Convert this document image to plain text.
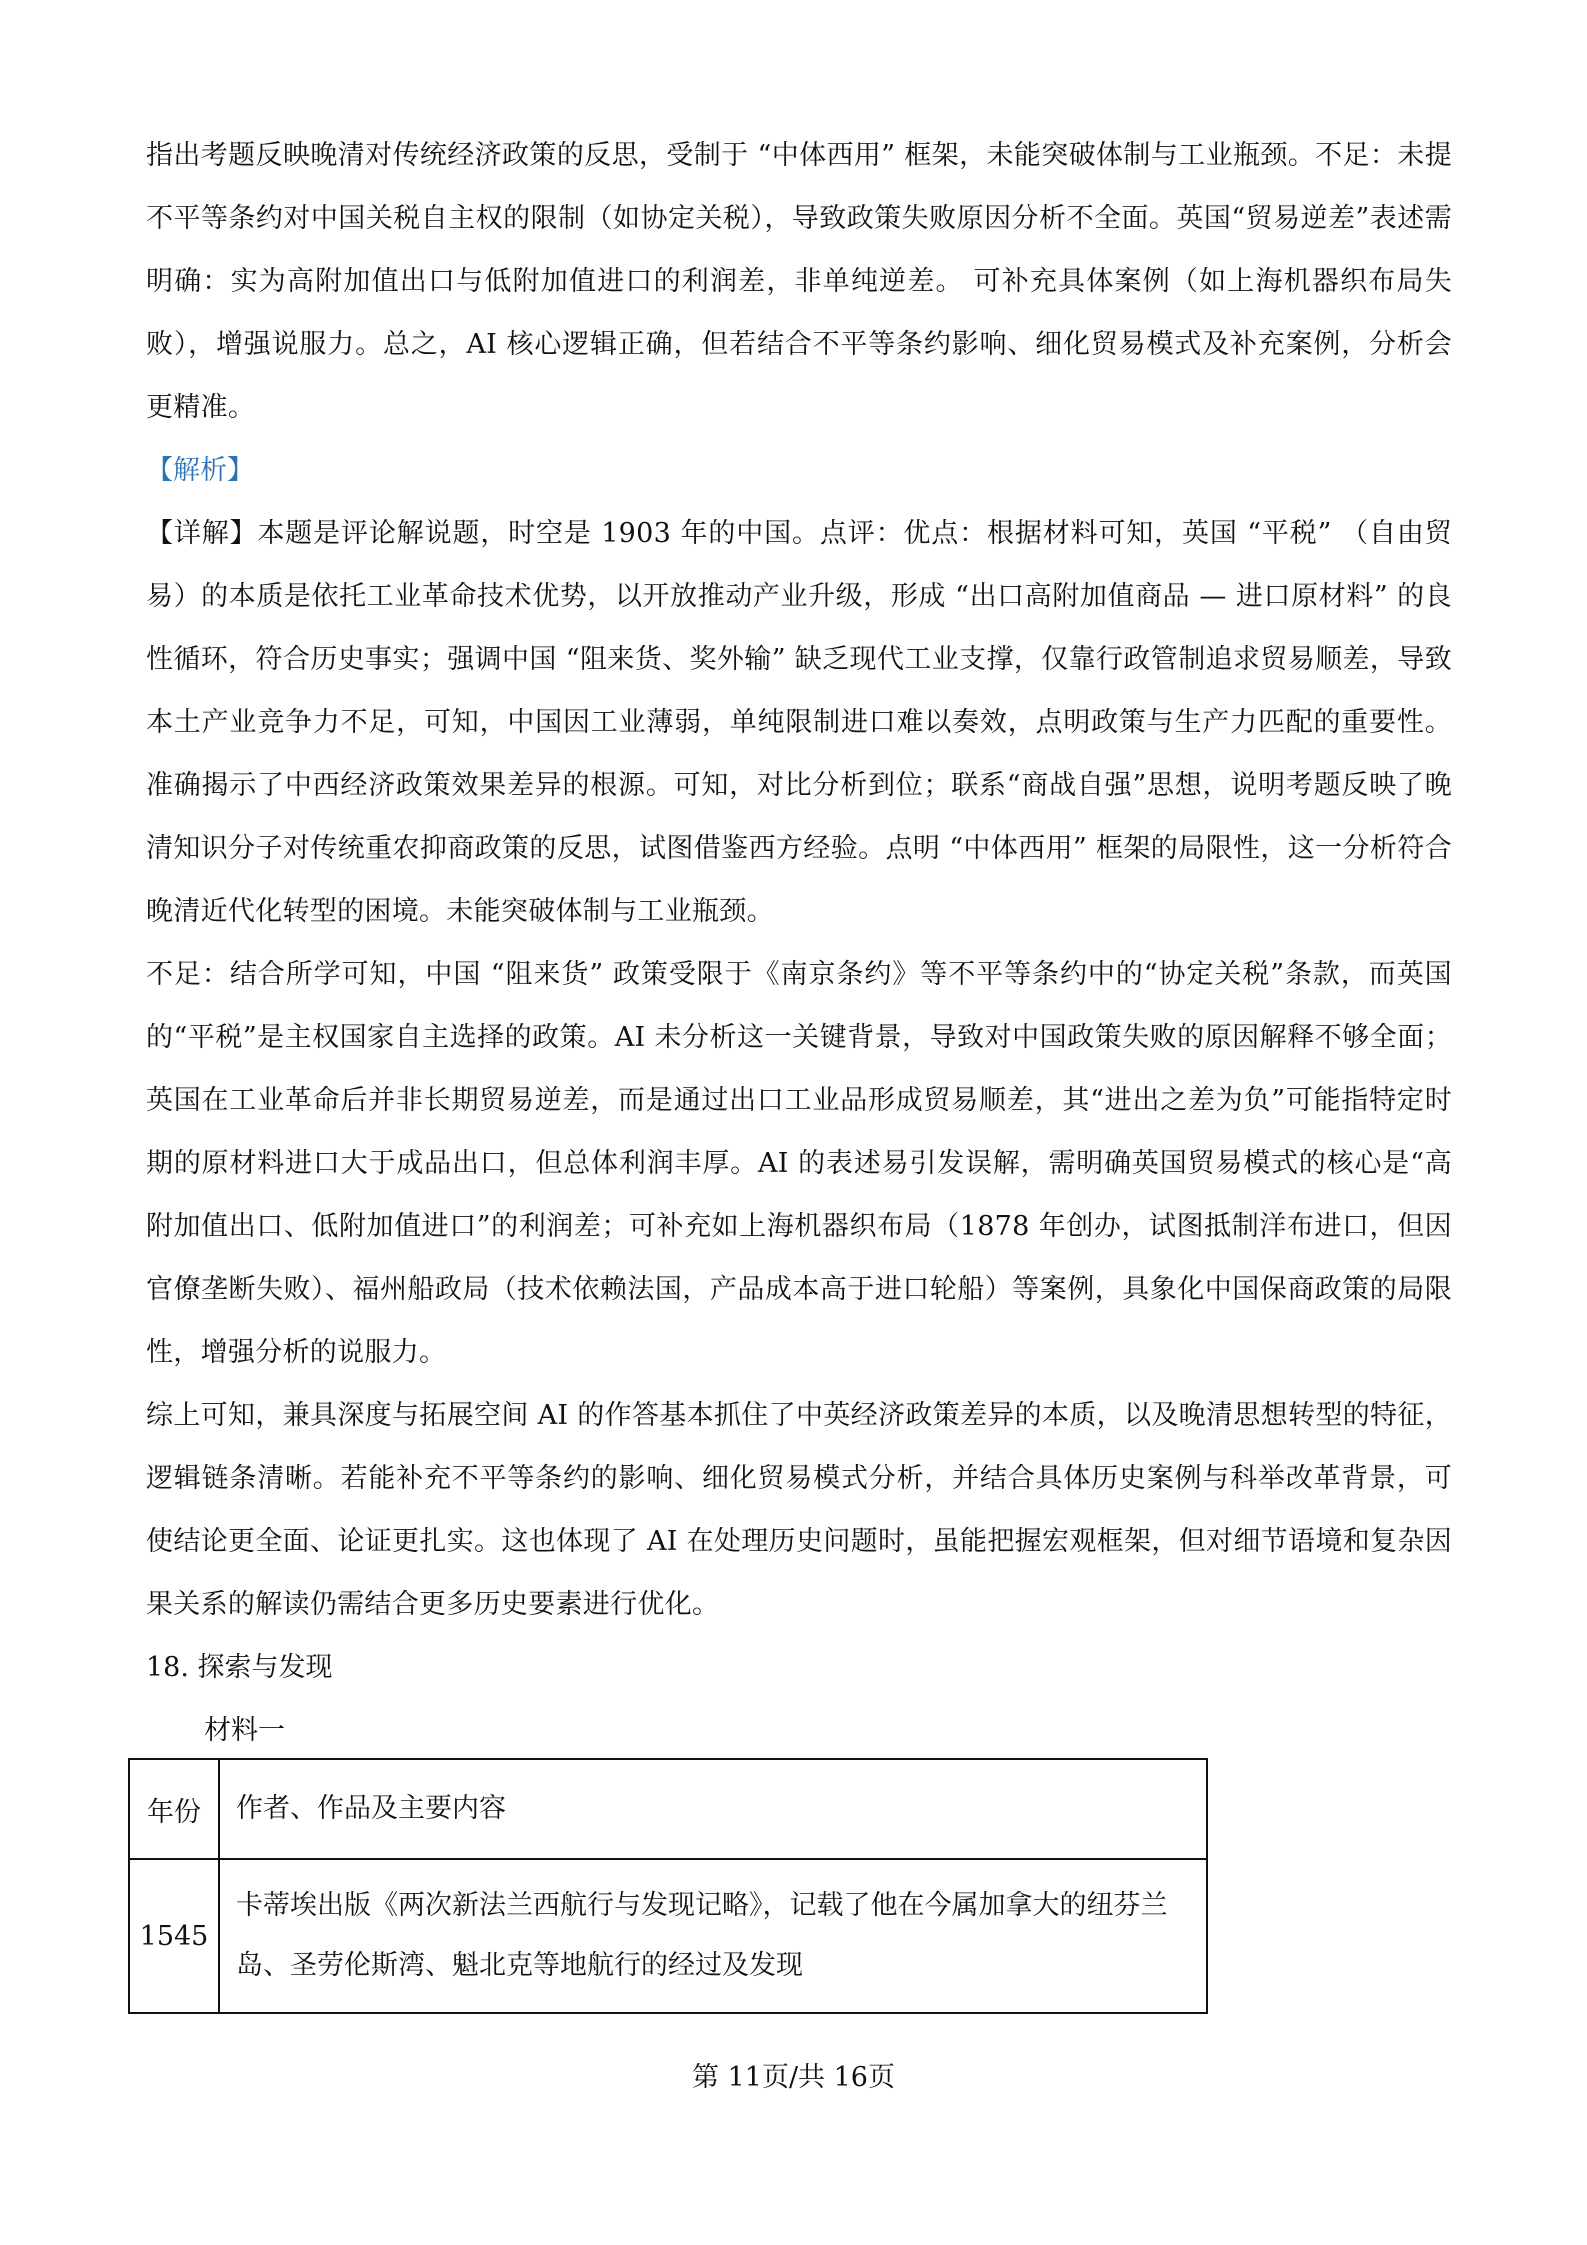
指出考题反映晚清对传统经济政策的反思，受制于 “中体西用” 框架，未能突破体制与工业瓶颈。不足：未提不平等条约对中国关税自主权的限制（如协定关税），导致政策失败原因分析不全面。英国“贸易逆差”表述需明确：实为高附加值出口与低附加值进口的利润差，非单纯逆差。 可补充具体案例（如上海机器织布局失败），增强说服力。总之，AI 核心逻辑正确，但若结合不平等条约影响、细化贸易模式及补充案例，分析会更精准。

【解析】

【详解】本题是评论解说题，时空是 1903 年的中国。点评：优点：根据材料可知，英国 “平税” （自由贸易）的本质是依托工业革命技术优势，以开放推动产业升级，形成 “出口高附加值商品 — 进口原材料” 的良性循环，符合历史事实；强调中国 “阻来货、奖外输” 缺乏现代工业支撑，仅靠行政管制追求贸易顺差，导致本土产业竞争力不足，可知，中国因工业薄弱，单纯限制进口难以奏效，点明政策与生产力匹配的重要性。准确揭示了中西经济政策效果差异的根源。可知，对比分析到位；联系“商战自强”思想，说明考题反映了晚清知识分子对传统重农抑商政策的反思，试图借鉴西方经验。点明 “中体西用” 框架的局限性，这一分析符合晚清近代化转型的困境。未能突破体制与工业瓶颈。

不足：结合所学可知，中国 “阻来货” 政策受限于《南京条约》等不平等条约中的“协定关税”条款，而英国的“平税”是主权国家自主选择的政策。AI 未分析这一关键背景，导致对中国政策失败的原因解释不够全面；英国在工业革命后并非长期贸易逆差，而是通过出口工业品形成贸易顺差，其“进出之差为负”可能指特定时期的原材料进口大于成品出口，但总体利润丰厚。AI 的表述易引发误解，需明确英国贸易模式的核心是“高附加值出口、低附加值进口”的利润差；可补充如上海机器织布局（1878 年创办，试图抵制洋布进口，但因官僚垄断失败）、福州船政局（技术依赖法国，产品成本高于进口轮船）等案例，具象化中国保商政策的局限性，增强分析的说服力。

综上可知，兼具深度与拓展空间 AI 的作答基本抓住了中英经济政策差异的本质，以及晚清思想转型的特征，逻辑链条清晰。若能补充不平等条约的影响、细化贸易模式分析，并结合具体历史案例与科举改革背景，可使结论更全面、论证更扎实。这也体现了 AI 在处理历史问题时，虽能把握宏观框架，但对细节语境和复杂因果关系的解读仍需结合更多历史要素进行优化。

18. 探索与发现

材料一

年份	作者、作品及主要内容
1545	卡蒂埃出版《两次新法兰西航行与发现记略》，记载了他在今属加拿大的纽芬兰岛、圣劳伦斯湾、魁北克等地航行的经过及发现
第 11页/共 16页
